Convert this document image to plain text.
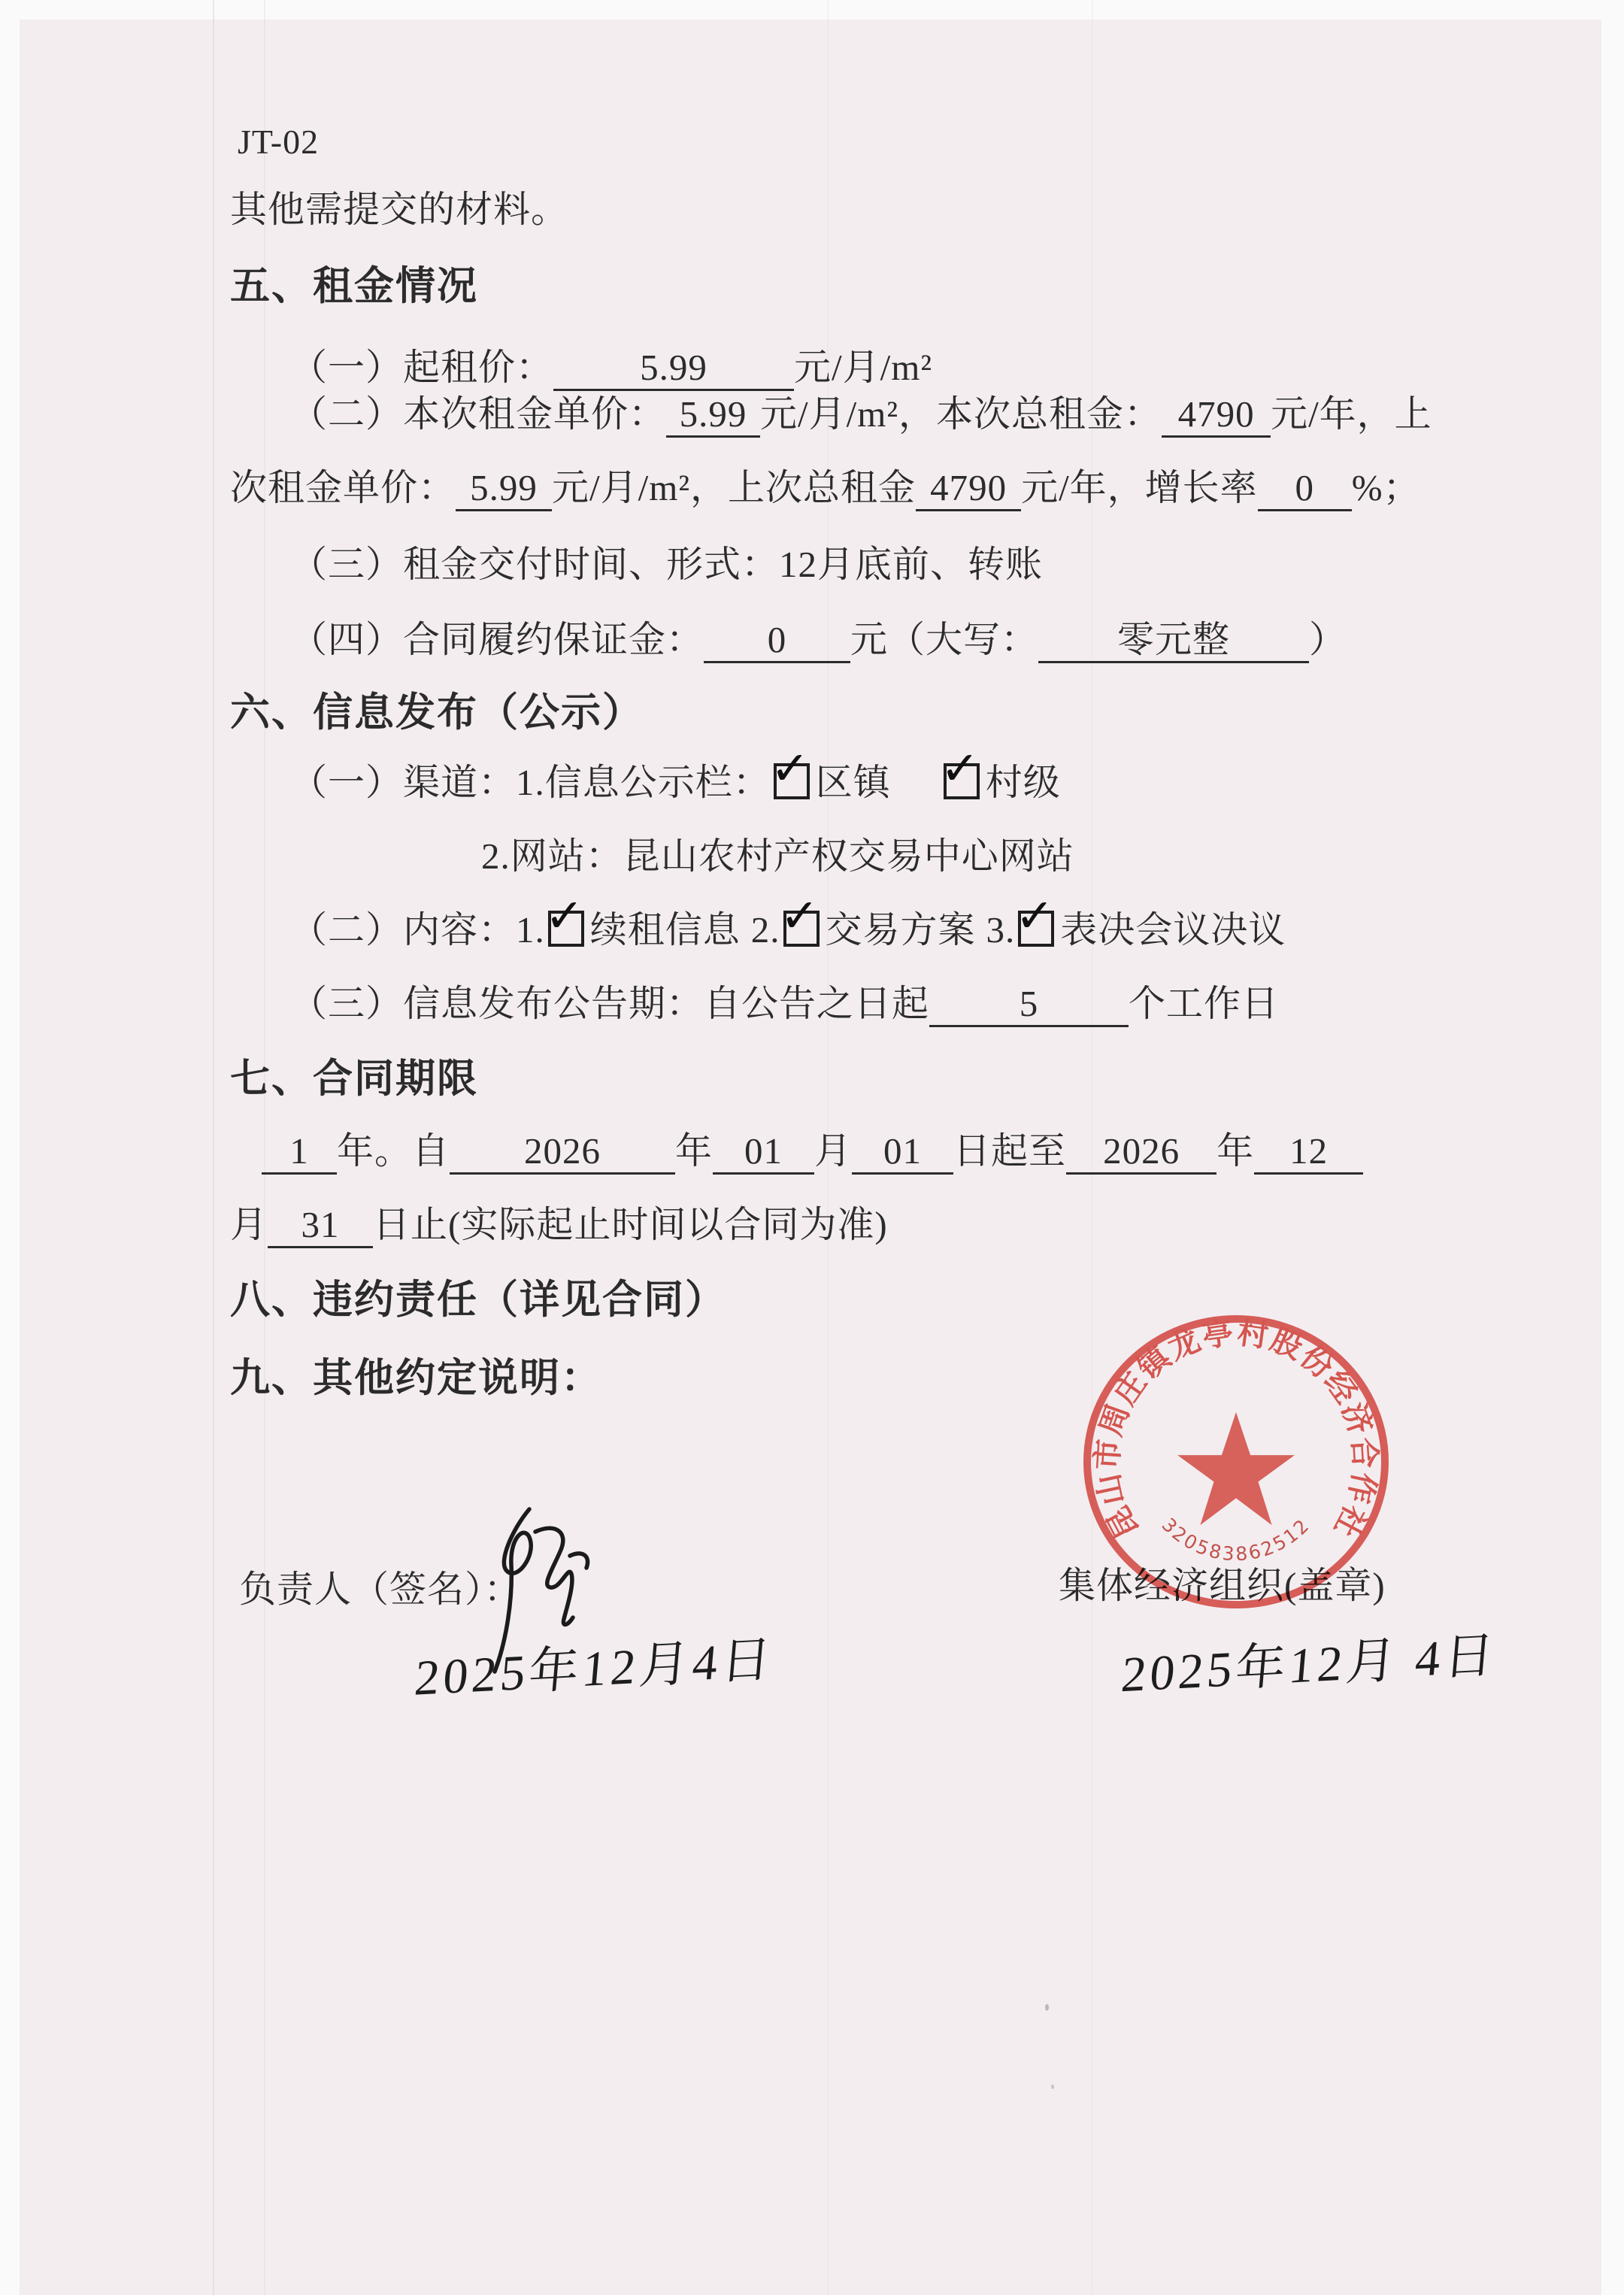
JT-02
其他需提交的材料。
五、租金情况
（一）起租价： 5.99 元/月/m²
（二）本次租金单价： 5.99 元/月/m²，本次总租金： 4790 元/年，上
次租金单价： 5.99 元/月/m²，上次总租金 4790 元/年，增长率 0 %；
（三）租金交付时间、形式：12月底前、转账
（四）合同履约保证金： 0 元（大写： 零元整 ）
六、信息发布（公示）
（一）渠道：1.信息公示栏： ✓ 区镇 ✓ 村级
2.网站：昆山农村产权交易中心网站
（二）内容：1. ✓ 续租信息 2. ✓ 交易方案 3. ✓ 表决会议决议
（三）信息发布公告期：自公告之日起 5 个工作日
七、合同期限
1 年。自 2026 年 01 月 01 日起至 2026 年 12
月 31 日止(实际起止时间以合同为准)
八、违约责任（详见合同）
九、其他约定说明：
负责人（签名）：	集体经济组织(盖章)
2025年12月4日	2025年12月 4日
昆山市周庄镇龙亭村股份经济合作社
320583862512
